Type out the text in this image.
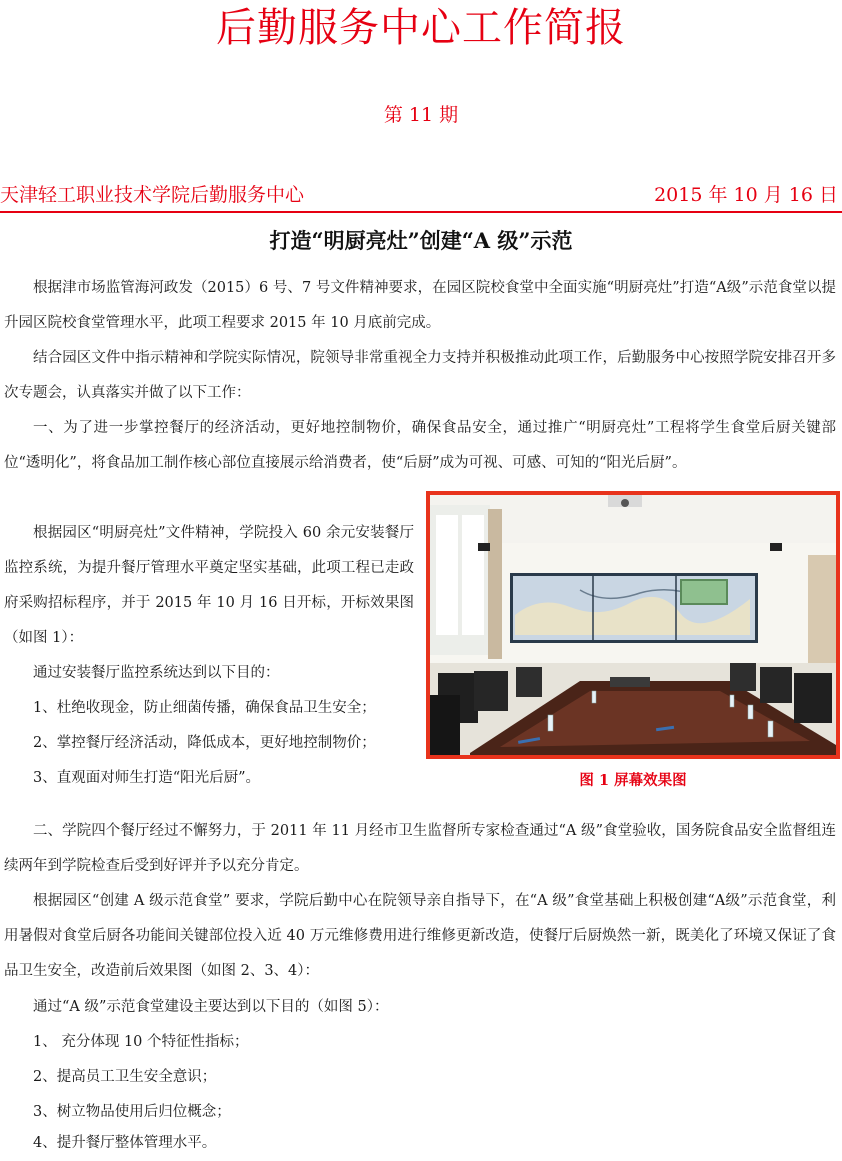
后勤服务中心工作简报
第 11 期
天津轻工职业技术学院后勤服务中心	2015 年 10 月 16 日
打造“明厨亮灶”创建“A 级”示范

根据津市场监管海河政发（2015）6 号、7 号文件精神要求，在园区院校食堂中全面实施“明厨亮灶”打造“A级”示范食堂以提升园区院校食堂管理水平，此项工程要求 2015 年 10 月底前完成。

结合园区文件中指示精神和学院实际情况，院领导非常重视全力支持并积极推动此项工作，后勤服务中心按照学院安排召开多次专题会，认真落实并做了以下工作：

一、为了进一步掌控餐厅的经济活动，更好地控制物价，确保食品安全，通过推广“明厨亮灶”工程将学生食堂后厨关键部位“透明化”，将食品加工制作核心部位直接展示给消费者，使“后厨”成为可视、可感、可知的“阳光后厨”。

根据园区“明厨亮灶”文件精神，学院投入 60 余元安装餐厅监控系统，为提升餐厅管理水平奠定坚实基础，此项工程已走政府采购招标程序，并于 2015 年 10 月 16 日开标，开标效果图（如图 1）：

通过安装餐厅监控系统达到以下目的：
1、杜绝收现金，防止细菌传播，确保食品卫生安全；
2、掌控餐厅经济活动，降低成本，更好地控制物价；
3、直观面对师生打造“阳光后厨”。	图 1 屏幕效果图

二、学院四个餐厅经过不懈努力，于 2011 年 11 月经市卫生监督所专家检查通过“A 级”食堂验收，国务院食品安全监督组连续两年到学院检查后受到好评并予以充分肯定。

根据园区“创建 A 级示范食堂” 要求，学院后勤中心在院领导亲自指导下，在“A 级”食堂基础上积极创建“A级”示范食堂，利用暑假对食堂后厨各功能间关键部位投入近 40 万元维修费用进行维修更新改造，使餐厅后厨焕然一新，既美化了环境又保证了食品卫生安全，改造前后效果图（如图 2、3、4）：

通过“A 级”示范食堂建设主要达到以下目的（如图 5）：
1、 充分体现 10 个特征性指标；
2、提高员工卫生安全意识；
3、树立物品使用后归位概念；
4、提升餐厅整体管理水平。
